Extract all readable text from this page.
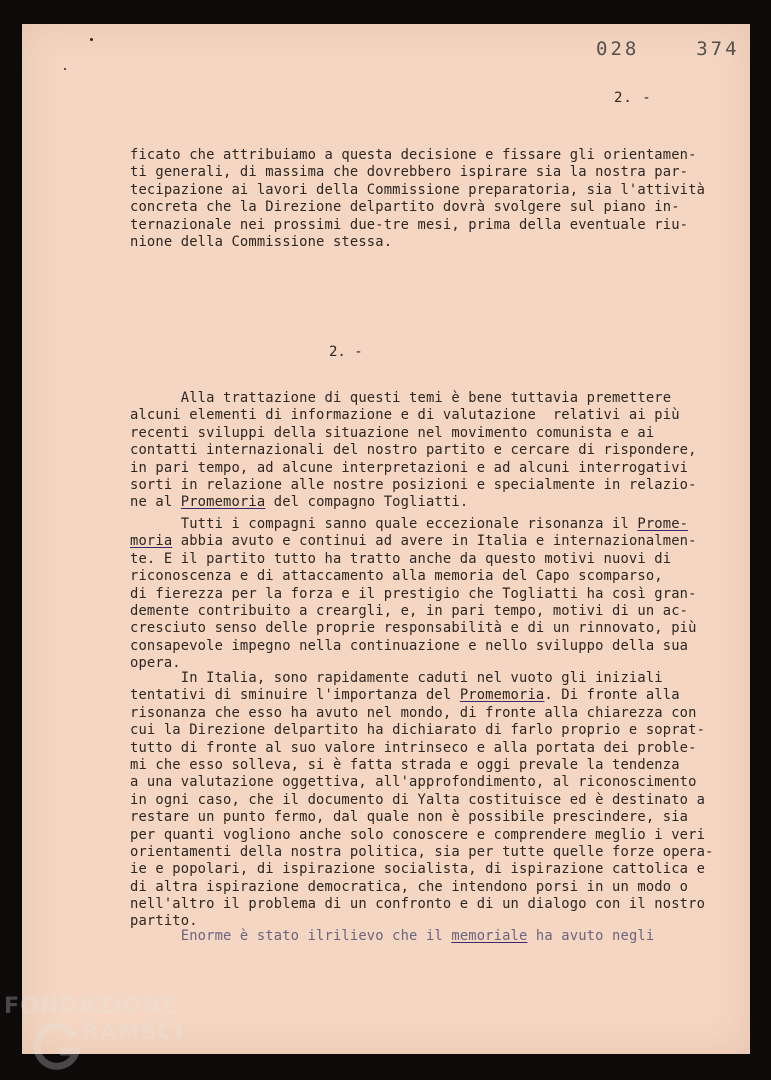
028  374

2. -

ficato che attribuiamo a questa decisione e fissare gli orientamen-
ti generali, di massima che dovrebbero ispirare sia la nostra par-
tecipazione ai lavori della Commissione preparatoria, sia l'attività
concreta che la Direzione delpartito dovrà svolgere sul piano in-
ternazionale nei prossimi due-tre mesi, prima della eventuale riu-
nione della Commissione stessa.

2. -

Alla trattazione di questi temi è bene tuttavia premettere
alcuni elementi di informazione e di valutazione  relativi ai più
recenti sviluppi della situazione nel movimento comunista e ai
contatti internazionali del nostro partito e cercare di rispondere,
in pari tempo, ad alcune interpretazioni e ad alcuni interrogativi
sorti in relazione alle nostre posizioni e specialmente in relazio-
ne al Promemoria del compagno Togliatti.
Tutti i compagni sanno quale eccezionale risonanza il Prome-
moria abbia avuto e continui ad avere in Italia e internazionalmen-
te. E il partito tutto ha tratto anche da questo motivi nuovi di
riconoscenza e di attaccamento alla memoria del Capo scomparso,
di fierezza per la forza e il prestigio che Togliatti ha così gran-
demente contribuito a creargli, e, in pari tempo, motivi di un ac-
cresciuto senso delle proprie responsabilità e di un rinnovato, più
consapevole impegno nella continuazione e nello sviluppo della sua
opera.
In Italia, sono rapidamente caduti nel vuoto gli iniziali
tentativi di sminuire l'importanza del Promemoria. Di fronte alla
risonanza che esso ha avuto nel mondo, di fronte alla chiarezza con
cui la Direzione delpartito ha dichiarato di farlo proprio e soprat-
tutto di fronte al suo valore intrinseco e alla portata dei proble-
mi che esso solleva, si è fatta strada e oggi prevale la tendenza
a una valutazione oggettiva, all'approfondimento, al riconoscimento
in ogni caso, che il documento di Yalta costituisce ed è destinato a
restare un punto fermo, dal quale non è possibile prescindere, sia
per quanti vogliono anche solo conoscere e comprendere meglio i veri
orientamenti della nostra politica, sia per tutte quelle forze opera-
ie e popolari, di ispirazione socialista, di ispirazione cattolica e
di altra ispirazione democratica, che intendono porsi in un modo o
nell'altro il problema di un confronto e di un dialogo con il nostro
partito.
Enorme è stato ilrilievo che il memoriale ha avuto negli
FONDAZIONE
RAMSCI
